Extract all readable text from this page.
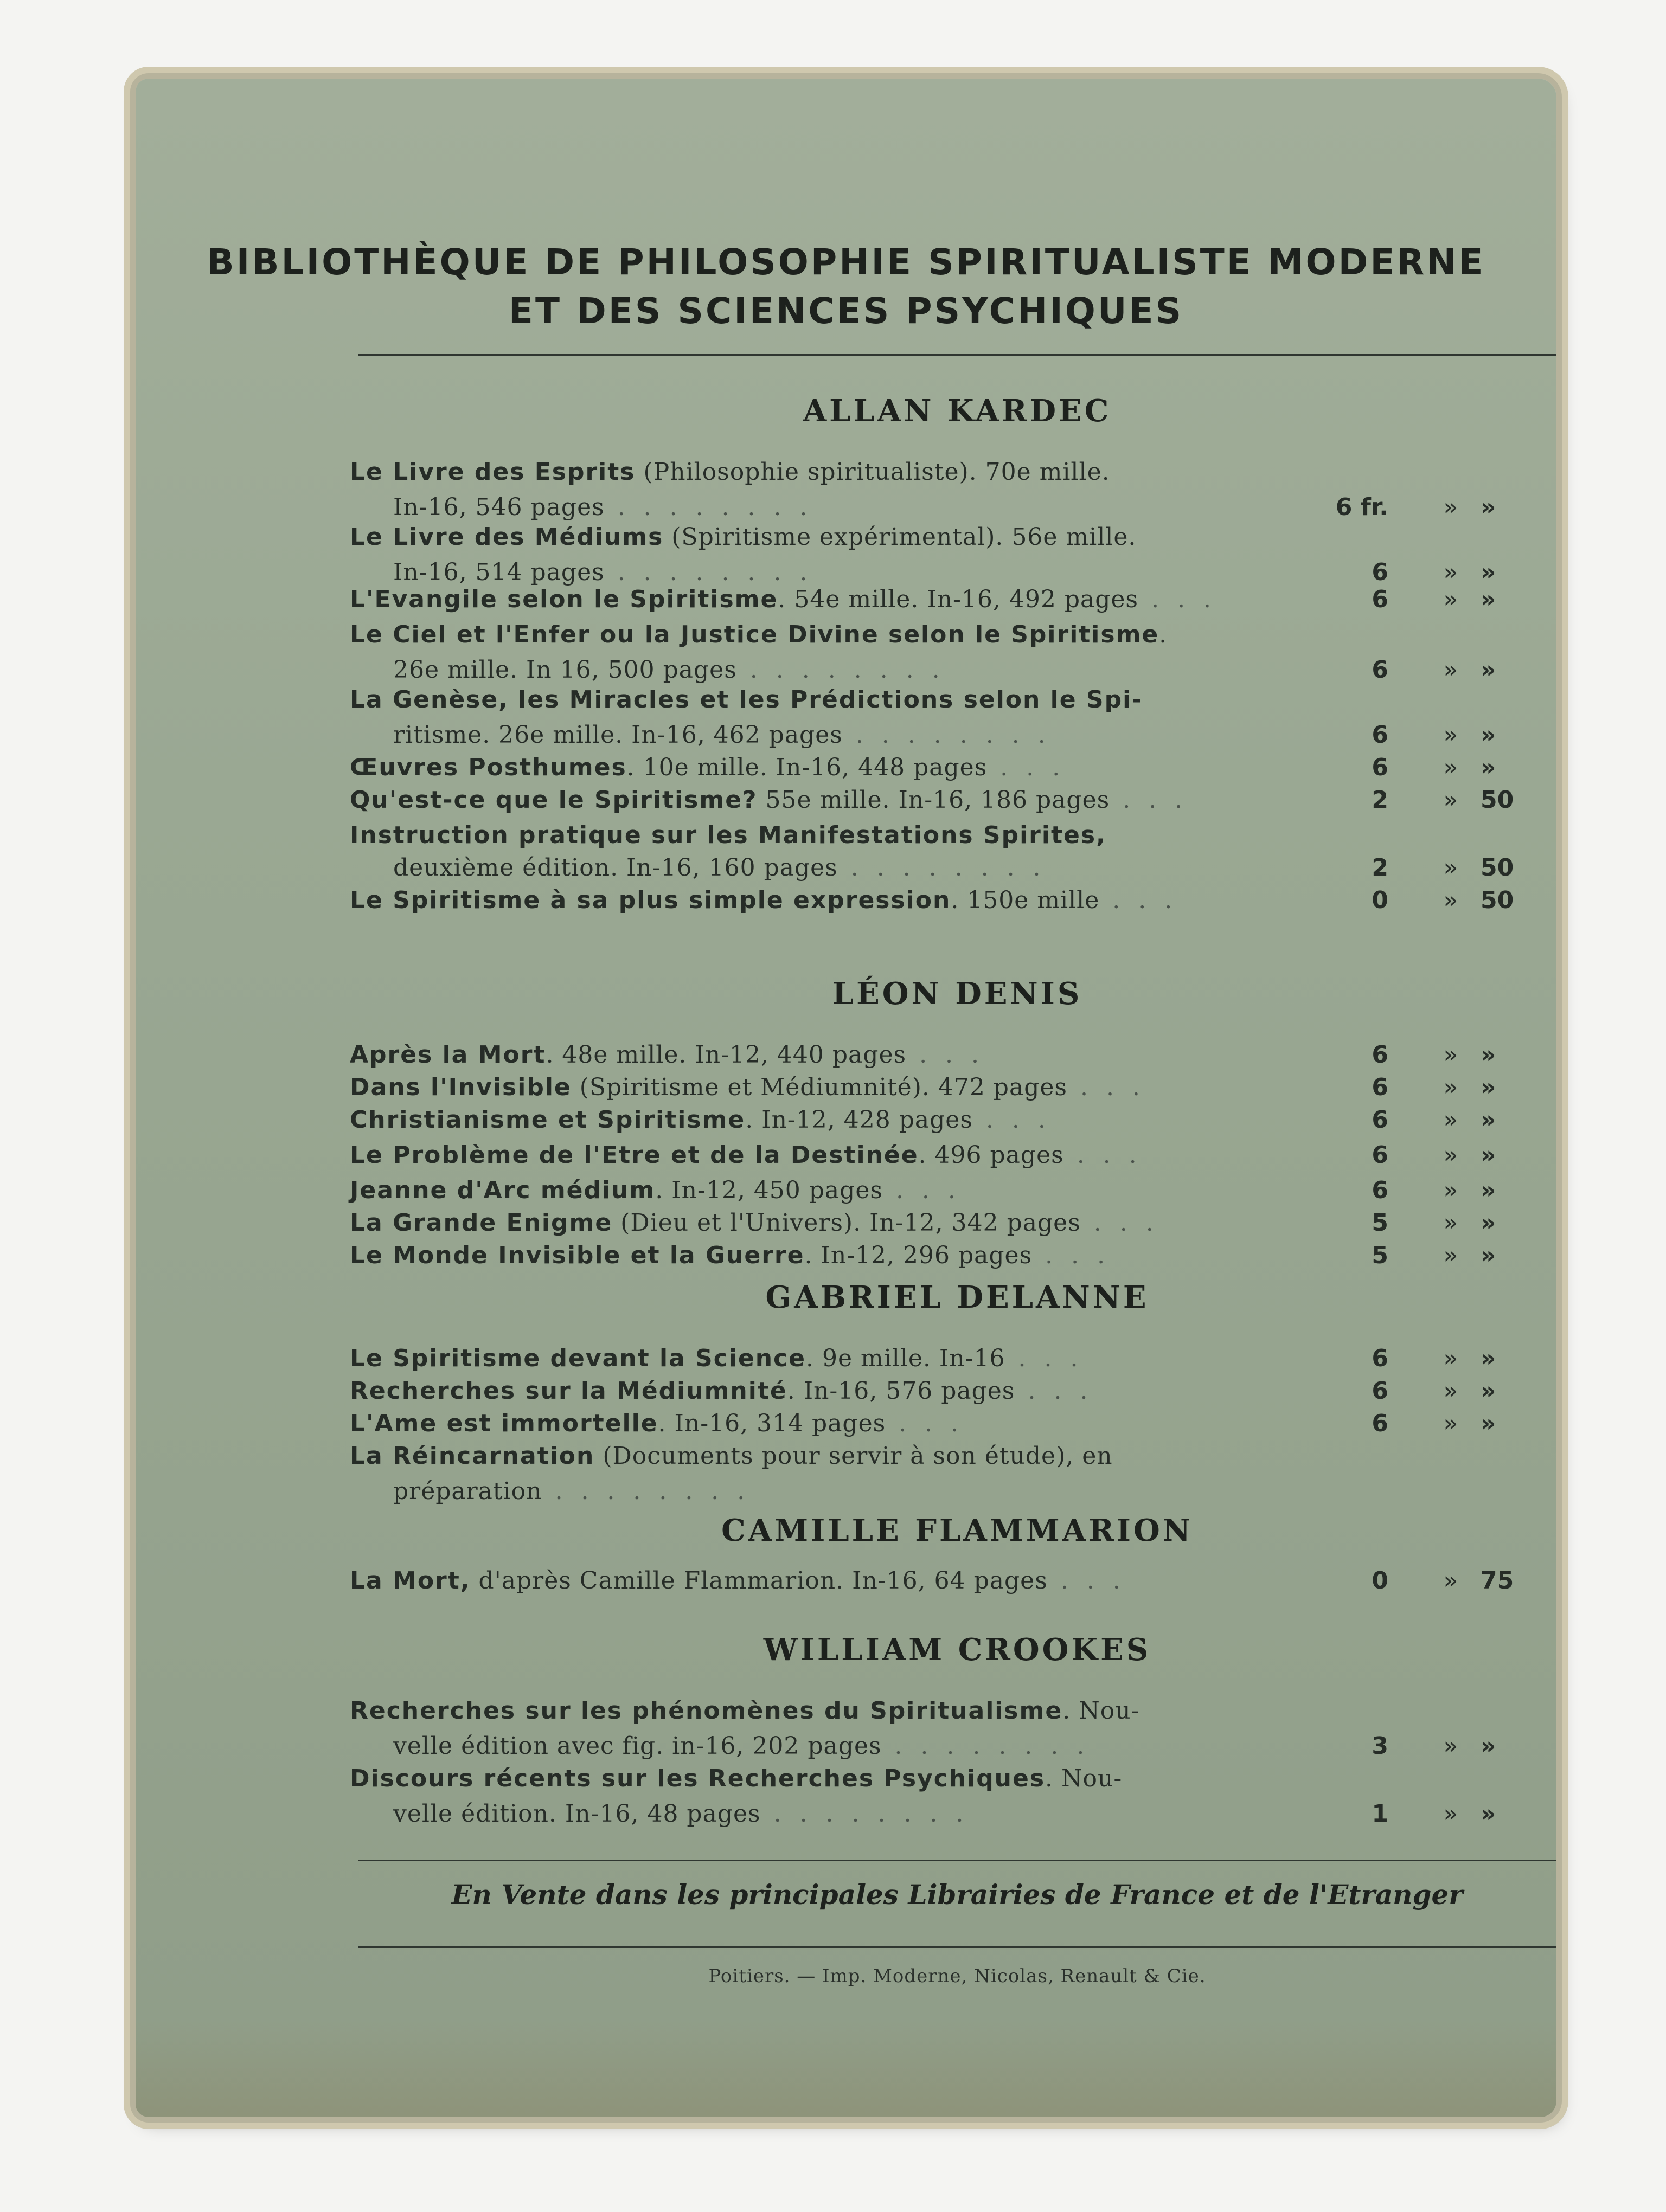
BIBLIOTHÈQUE DE PHILOSOPHIE SPIRITUALISTE MODERNE
ET DES SCIENCES PSYCHIQUES
ALLAN KARDEC
Le Livre des Esprits (Philosophie spiritualiste). 70e mille.
In-16, 546 pages . . . . . . . .	6 fr.	» »
Le Livre des Médiums (Spiritisme expérimental). 56e mille.
In-16, 514 pages . . . . . . . .	6	» »
L'Evangile selon le Spiritisme. 54e mille. In-16, 492 pages . . .	6	» »
Le Ciel et l'Enfer ou la Justice Divine selon le Spiritisme.
26e mille. In 16, 500 pages . . . . . . . .	6	» »
La Genèse, les Miracles et les Prédictions selon le Spi-
ritisme. 26e mille. In-16, 462 pages . . . . . . . .	6	» »
Œuvres Posthumes. 10e mille. In-16, 448 pages . . .	6	» »
Qu'est-ce que le Spiritisme? 55e mille. In-16, 186 pages . . .	2	» 50
Instruction pratique sur les Manifestations Spirites,
deuxième édition. In-16, 160 pages . . . . . . . .	2	» 50
Le Spiritisme à sa plus simple expression. 150e mille . . .	0	» 50
LÉON DENIS
Après la Mort. 48e mille. In-12, 440 pages . . .	6	» »
Dans l'Invisible (Spiritisme et Médiumnité). 472 pages . . .	6	» »
Christianisme et Spiritisme. In-12, 428 pages . . .	6	» »
Le Problème de l'Etre et de la Destinée. 496 pages . . .	6	» »
Jeanne d'Arc médium. In-12, 450 pages . . .	6	» »
La Grande Enigme (Dieu et l'Univers). In-12, 342 pages . . .	5	» »
Le Monde Invisible et la Guerre. In-12, 296 pages . . .	5	» »
GABRIEL DELANNE
Le Spiritisme devant la Science. 9e mille. In-16 . . .	6	» »
Recherches sur la Médiumnité. In-16, 576 pages . . .	6	» »
L'Ame est immortelle. In-16, 314 pages . . .	6	» »
La Réincarnation (Documents pour servir à son étude), en
préparation . . . . . . . .
CAMILLE FLAMMARION
La Mort, d'après Camille Flammarion. In-16, 64 pages . . .	0	» 75
WILLIAM CROOKES
Recherches sur les phénomènes du Spiritualisme. Nou-
velle édition avec fig. in-16, 202 pages . . . . . . . .	3	» »
Discours récents sur les Recherches Psychiques. Nou-
velle édition. In-16, 48 pages . . . . . . . .	1	» »
En Vente dans les principales Librairies de France et de l'Etranger
Poitiers. — Imp. Moderne, Nicolas, Renault & Cie.
